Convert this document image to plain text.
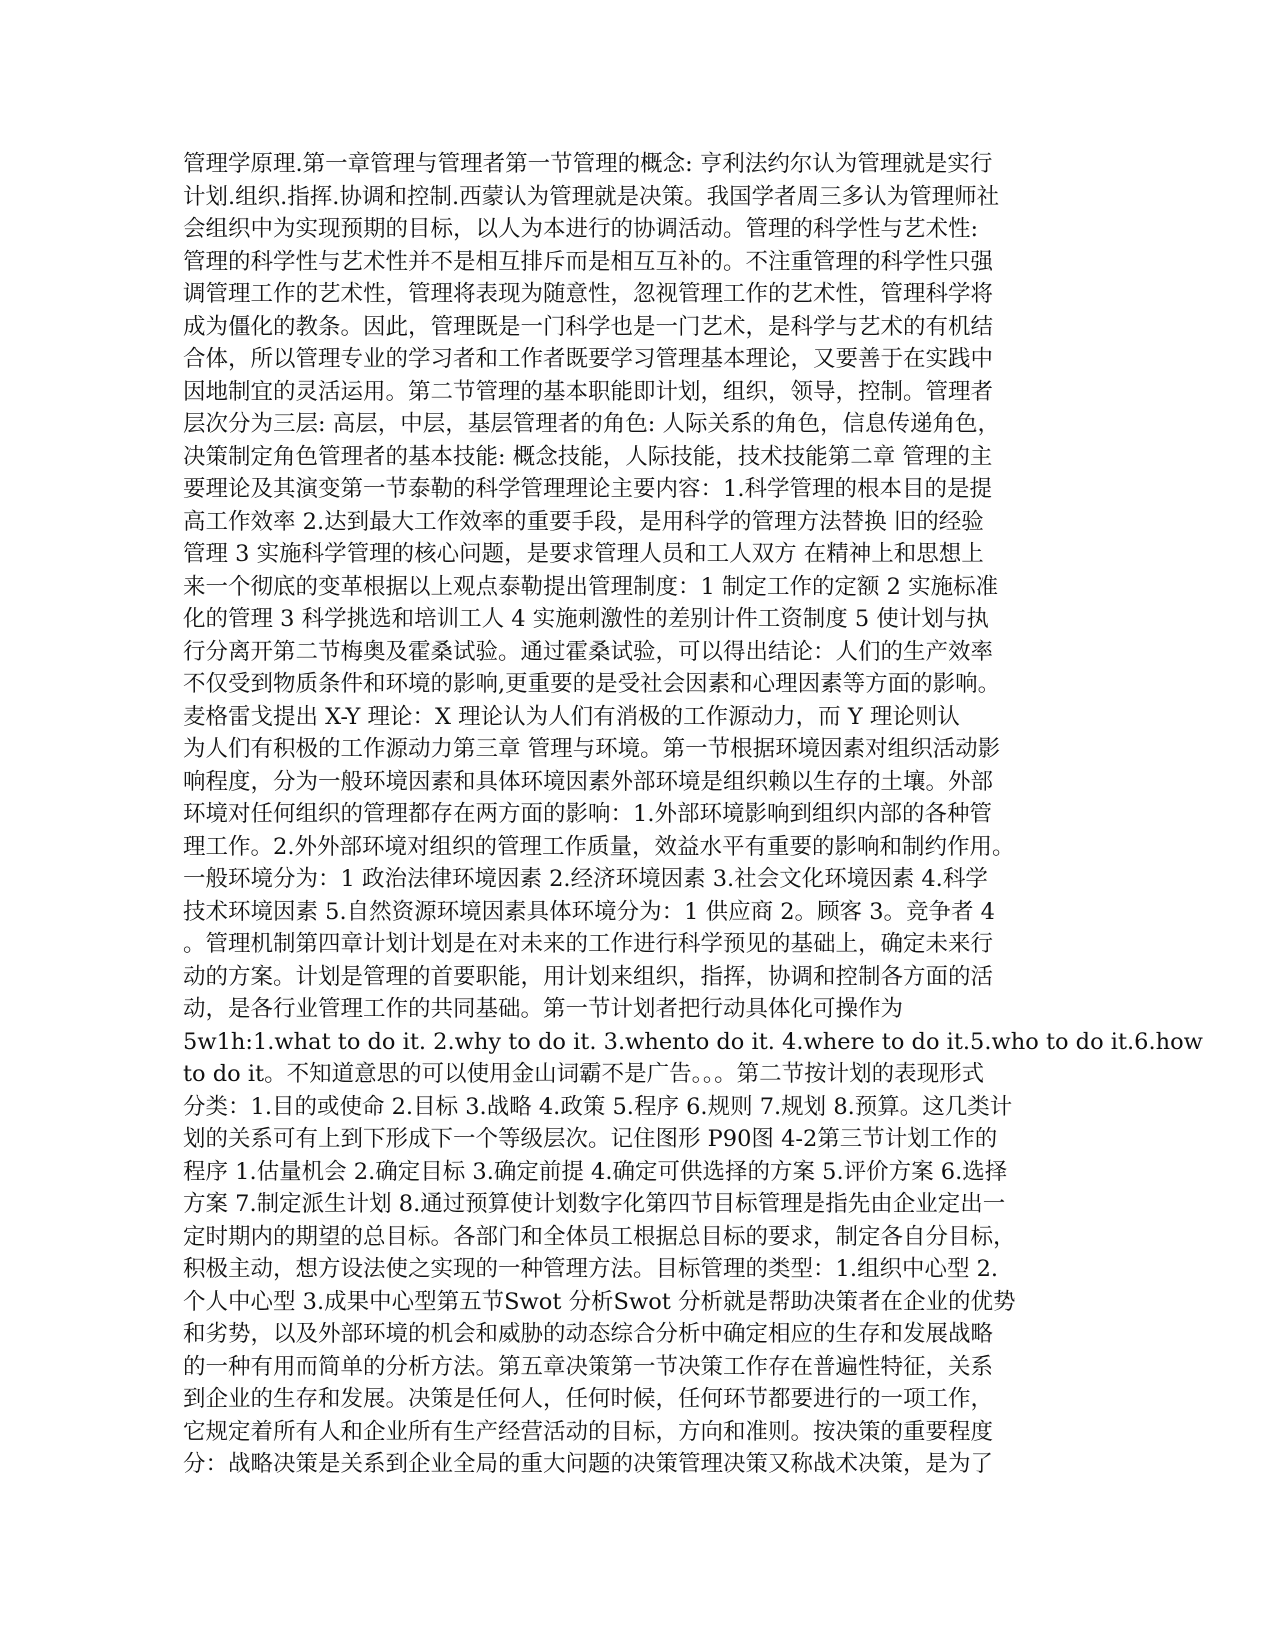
管理学原理.第一章管理与管理者第一节管理的概念: 亨利法约尔认为管理就是实行
计划.组织.指挥.协调和控制.西蒙认为管理就是决策。我国学者周三多认为管理师社
会组织中为实现预期的目标，以人为本进行的协调活动。管理的科学性与艺术性:
管理的科学性与艺术性并不是相互排斥而是相互互补的。不注重管理的科学性只强
调管理工作的艺术性，管理将表现为随意性，忽视管理工作的艺术性，管理科学将
成为僵化的教条。因此，管理既是一门科学也是一门艺术，是科学与艺术的有机结
合体，所以管理专业的学习者和工作者既要学习管理基本理论，又要善于在实践中
因地制宜的灵活运用。第二节管理的基本职能即计划，组织，领导，控制。管理者
层次分为三层: 高层，中层，基层管理者的角色: 人际关系的角色，信息传递角色，
决策制定角色管理者的基本技能: 概念技能，人际技能，技术技能第二章 管理的主
要理论及其演变第一节泰勒的科学管理理论主要内容：1.科学管理的根本目的是提
高工作效率 2.达到最大工作效率的重要手段，是用科学的管理方法替换 旧的经验
管理 3 实施科学管理的核心问题，是要求管理人员和工人双方 在精神上和思想上
来一个彻底的变革根据以上观点泰勒提出管理制度：1 制定工作的定额 2 实施标准
化的管理 3 科学挑选和培训工人 4 实施刺激性的差别计件工资制度 5 使计划与执
行分离开第二节梅奥及霍桑试验。通过霍桑试验，可以得出结论：人们的生产效率
不仅受到物质条件和环境的影响,更重要的是受社会因素和心理因素等方面的影响。
麦格雷戈提出 X-Y 理论：X 理论认为人们有消极的工作源动力，而 Y 理论则认
为人们有积极的工作源动力第三章 管理与环境。第一节根据环境因素对组织活动影
响程度，分为一般环境因素和具体环境因素外部环境是组织赖以生存的土壤。外部
环境对任何组织的管理都存在两方面的影响：1.外部环境影响到组织内部的各种管
理工作。2.外外部环境对组织的管理工作质量，效益水平有重要的影响和制约作用。
一般环境分为：1 政治法律环境因素 2.经济环境因素 3.社会文化环境因素 4.科学
技术环境因素 5.自然资源环境因素具体环境分为：1 供应商 2。顾客 3。竞争者 4
。管理机制第四章计划计划是在对未来的工作进行科学预见的基础上，确定未来行
动的方案。计划是管理的首要职能，用计划来组织，指挥，协调和控制各方面的活
动，是各行业管理工作的共同基础。第一节计划者把行动具体化可操作为
5w1h:1.what to do it. 2.why to do it. 3.whento do it. 4.where to do it.5.who to do it.6.how
to do it。不知道意思的可以使用金山词霸不是广告。。。第二节按计划的表现形式
分类：1.目的或使命 2.目标 3.战略 4.政策 5.程序 6.规则 7.规划 8.预算。这几类计
划的关系可有上到下形成下一个等级层次。记住图形 P90图 4-2第三节计划工作的
程序 1.估量机会 2.确定目标 3.确定前提 4.确定可供选择的方案 5.评价方案 6.选择
方案 7.制定派生计划 8.通过预算使计划数字化第四节目标管理是指先由企业定出一
定时期内的期望的总目标。各部门和全体员工根据总目标的要求，制定各自分目标，
积极主动，想方设法使之实现的一种管理方法。目标管理的类型：1.组织中心型 2.
个人中心型 3.成果中心型第五节Swot 分析Swot 分析就是帮助决策者在企业的优势
和劣势，以及外部环境的机会和威胁的动态综合分析中确定相应的生存和发展战略
的一种有用而简单的分析方法。第五章决策第一节决策工作存在普遍性特征，关系
到企业的生存和发展。决策是任何人，任何时候，任何环节都要进行的一项工作，
它规定着所有人和企业所有生产经营活动的目标，方向和准则。按决策的重要程度
分：战略决策是关系到企业全局的重大问题的决策管理决策又称战术决策，是为了
